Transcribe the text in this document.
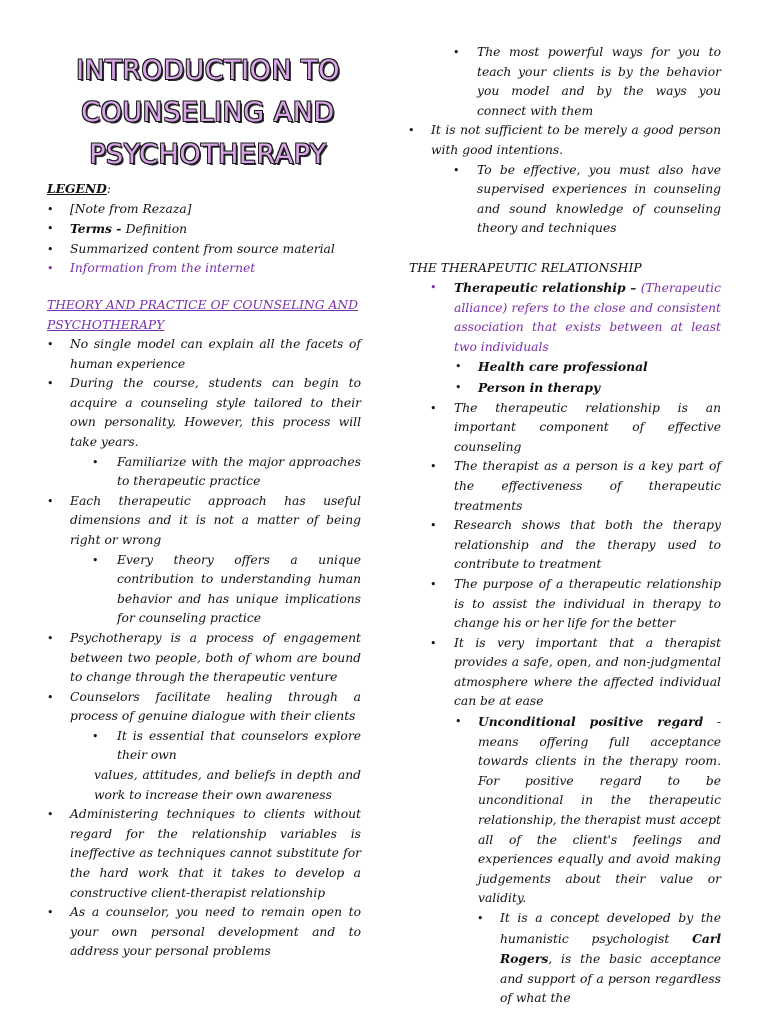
INTRODUCTION TO
COUNSELING AND
PSYCHOTHERAPY
LEGEND:
• [Note from Rezaza]
• Terms - Definition
• Summarized content from source material
• Information from the internet
THEORY AND PRACTICE OF COUNSELING AND
PSYCHOTHERAPY
• No single model can explain all the facets of human experience
• During the course, students can begin to acquire a counseling style tailored to their own personality. However, this process will take years.
• Familiarize with the major approaches to therapeutic practice
• Each therapeutic approach has useful dimensions and it is not a matter of being right or wrong
• Every theory offers a unique contribution to understanding human behavior and has unique implications for counseling practice
• Psychotherapy is a process of engagement between two people, both of whom are bound to change through the therapeutic venture
• Counselors facilitate healing through a process of genuine dialogue with their clients
• It is essential that counselors explore their own
values, attitudes, and beliefs in depth and work to increase their own awareness
• Administering techniques to clients without regard for the relationship variables is ineffective as techniques cannot substitute for the hard work that it takes to develop a constructive client-therapist relationship
• As a counselor, you need to remain open to your own personal development and to address your personal problems
• The most powerful ways for you to teach your clients is by the behavior you model and by the ways you connect with them
• It is not sufficient to be merely a good person with good intentions.
• To be effective, you must also have supervised experiences in counseling and sound knowledge of counseling theory and techniques
THE THERAPEUTIC RELATIONSHIP
• Therapeutic relationship – (Therapeutic alliance) refers to the close and consistent association that exists between at least two individuals
• Health care professional
• Person in therapy
• The therapeutic relationship is an important component of effective counseling
• The therapist as a person is a key part of the effectiveness of therapeutic treatments
• Research shows that both the therapy relationship and the therapy used to contribute to treatment
• The purpose of a therapeutic relationship is to assist the individual in therapy to change his or her life for the better
• It is very important that a therapist provides a safe, open, and non-judgmental atmosphere where the affected individual can be at ease
• Unconditional positive regard - means offering full acceptance towards clients in the therapy room. For positive regard to be unconditional in the therapeutic relationship, the therapist must accept all of the client's feelings and experiences equally and avoid making judgements about their value or validity.
• It is a concept developed by the humanistic psychologist Carl Rogers, is the basic acceptance and support of a person regardless of what the
